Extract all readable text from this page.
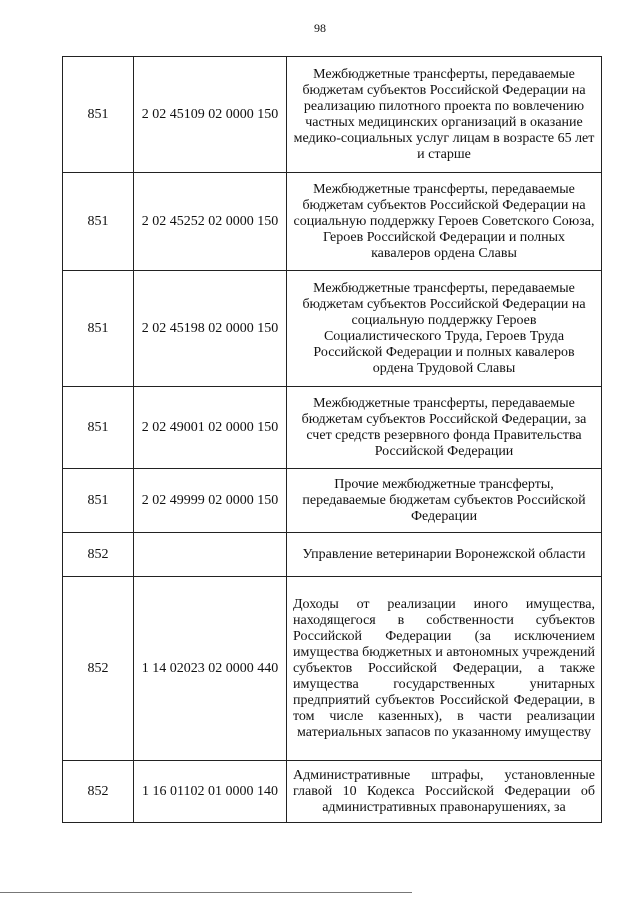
98
851	2 02 45109 02 0000 150	Межбюджетные трансферты, передаваемые бюджетам субъектов Российской Федерации на реализацию пилотного проекта по вовлечению частных медицинских организаций в оказание медико-социальных услуг лицам в возрасте 65 лет и старше
851	2 02 45252 02 0000 150	Межбюджетные трансферты, передаваемые бюджетам субъектов Российской Федерации на социальную поддержку Героев Советского Союза, Героев Российской Федерации и полных кавалеров ордена Славы
851	2 02 45198 02 0000 150	Межбюджетные трансферты, передаваемые бюджетам субъектов Российской Федерации на социальную поддержку Героев Социалистического Труда, Героев Труда Российской Федерации и полных кавалеров ордена Трудовой Славы
851	2 02 49001 02 0000 150	Межбюджетные трансферты, передаваемые бюджетам субъектов Российской Федерации, за счет средств резервного фонда Правительства Российской Федерации
851	2 02 49999 02 0000 150	Прочие межбюджетные трансферты, передаваемые бюджетам субъектов Российской Федерации
852		Управление ветеринарии Воронежской области
852	1 14 02023 02 0000 440	Доходы от реализации иного имущества, находящегося в собственности субъектов Российской Федерации (за исключением имущества бюджетных и автономных учреждений субъектов Российской Федерации, а также имущества государственных унитарных предприятий субъектов Российской Федерации, в том числе казенных), в части реализации материальных запасов по указанному имуществу
852	1 16 01102 01 0000 140	Административные штрафы, установленные главой 10 Кодекса Российской Федерации об административных правонарушениях, за
